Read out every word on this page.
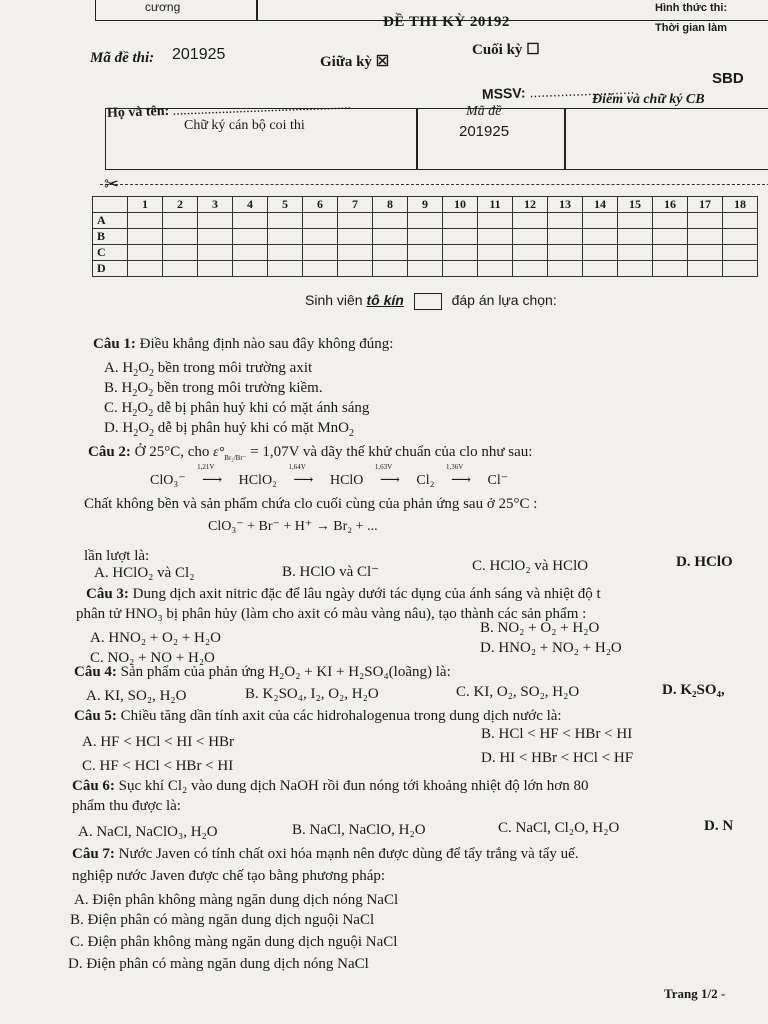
cương	Hình thức thi:
ĐỀ THI KỲ 20192	Thời gian làm
Mã đề thi: 201925	Giữa kỳ ☒
Cuối kỳ ☐
SBD
Họ và tên: ...................................................
MSSV: ...........................
Chữ ký cán bộ coi thi
Mã đề
201925
Điểm và chữ ký CB
✂
	1	2	3	4	5	6	7	8	9	10	11	12	13	14	15	16	17	18
A																		
B																		
C																		
D																		
Sinh viên tô kín	đáp án lựa chọn:
Câu 1: Điều khẳng định nào sau đây không đúng:
A. $H_2O_2$ bền trong môi trường axit
B. $H_2O_2$ bền trong môi trường kiềm.
C. $H_2O_2$ dễ bị phân huỷ khi có mặt ánh sáng
D. $H_2O_2$ dễ bị phân huỷ khi có mặt MnO$_2$
Câu 2: Ở 25°C, cho $\varepsilon^\circ_{Br_2/Br^-} = 1,07V$ và dãy thế khử chuẩn của clo như sau:
ClO₃⁻
1,21V
⟶ HClO₂
1,64V
⟶ HClO
1,63V
⟶ Cl₂
1,36V
⟶ Cl⁻
Chất không bền và sản phẩm chứa clo cuối cùng của phản ứng sau ở 25°C :
ClO₃⁻ + Br⁻ + H⁺ → Br₂ + ...
lần lượt là:
A. HClO₂ và Cl₂	B. HClO và Cl⁻	C. HClO₂ và HClO	D. HClO
Câu 3: Dung dịch axit nitric đặc để lâu ngày dưới tác dụng của ánh sáng và nhiệt độ t
phân tử HNO₃ bị phân hủy (làm cho axit có màu vàng nâu), tạo thành các sản phẩm :
A. HNO₂ + O₂ + H₂O
B. NO₂ + O₂ + H₂O
C. NO₂ + NO + H₂O
D. HNO₂ + NO₂ + H₂O
Câu 4: Sản phẩm của phản ứng H₂O₂ + KI + H₂SO₄(loãng) là:
A. KI, SO₂, H₂O	B. K₂SO₄, I₂, O₂, H₂O	C. KI, O₂, SO₂, H₂O	D. K₂SO₄,
Câu 5: Chiều tăng dần tính axit của các hidrohalogenua trong dung dịch nước là:
A. HF < HCl < HI < HBr	B. HCl < HF < HBr < HI
C. HF < HCl < HBr < HI	D. HI < HBr < HCl < HF
Câu 6: Sục khí Cl₂ vào dung dịch NaOH rồi đun nóng tới khoảng nhiệt độ lớn hơn 80
phẩm thu được là:
A. NaCl, NaClO₃, H₂O	B. NaCl, NaClO, H₂O	C. NaCl, Cl₂O, H₂O	D. N
Câu 7: Nước Javen có tính chất oxi hóa mạnh nên được dùng để tẩy trắng và tẩy uế.
nghiệp nước Javen được chế tạo bằng phương pháp:
A. Điện phân không màng ngăn dung dịch nóng NaCl
B. Điện phân có màng ngăn dung dịch nguội NaCl
C. Điện phân không màng ngăn dung dịch nguội NaCl
D. Điện phân có màng ngăn dung dịch nóng NaCl
Trang 1/2 -
